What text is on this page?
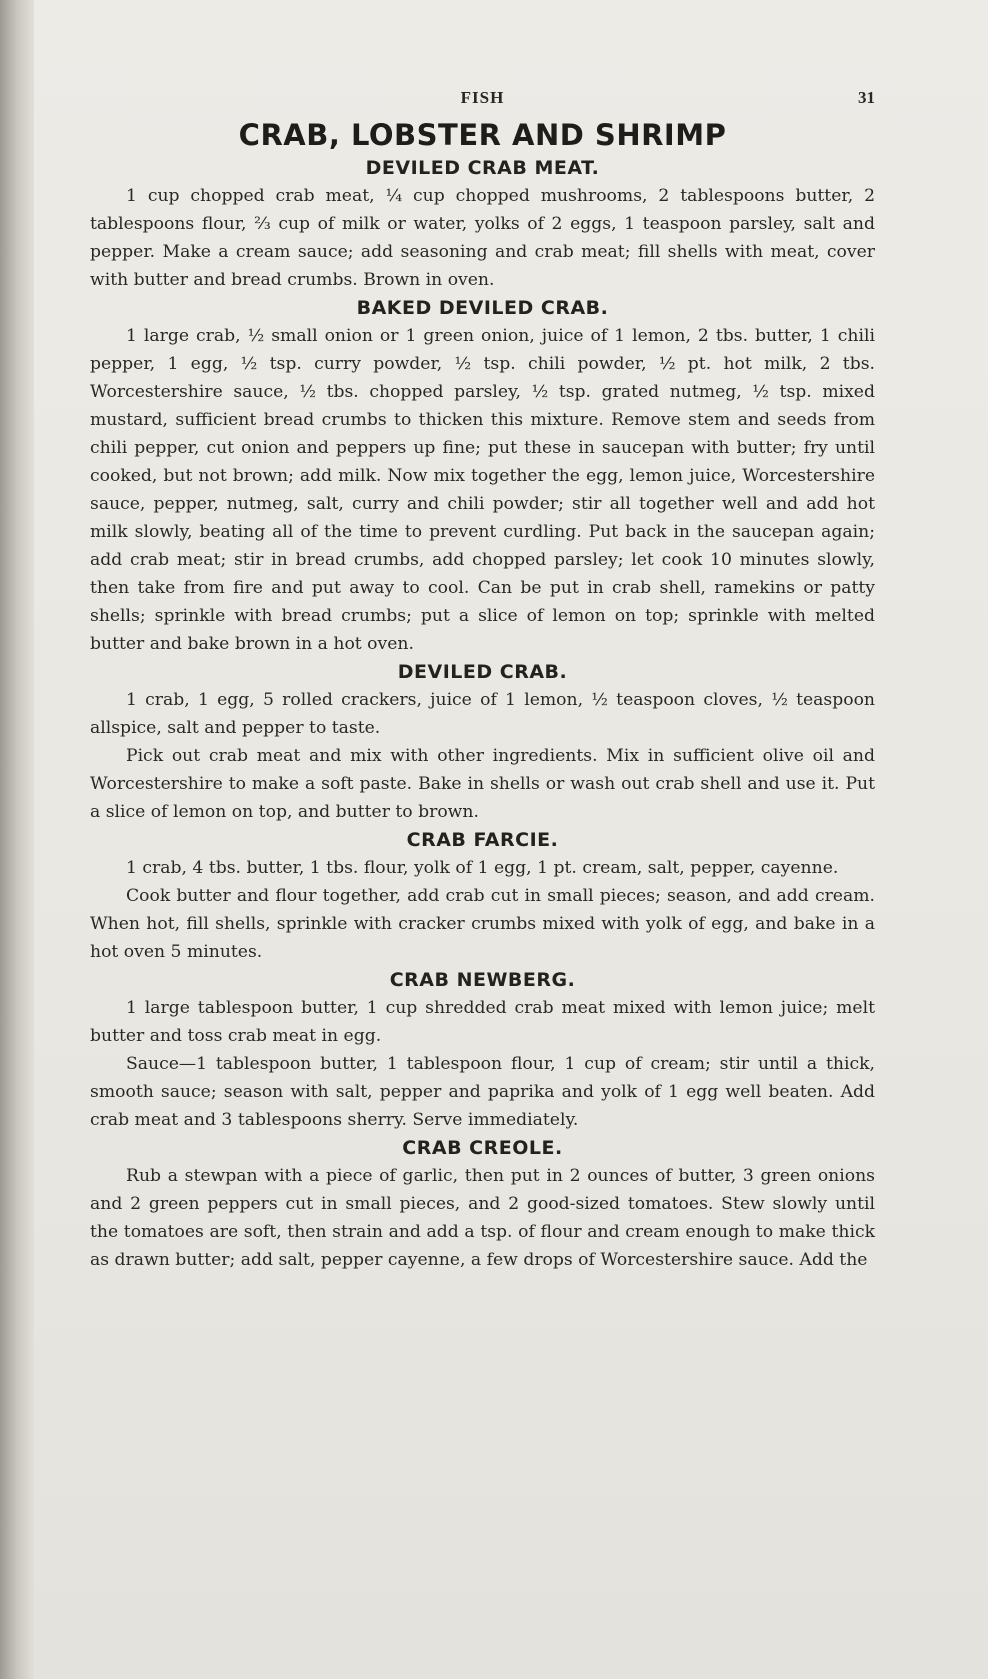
FISH	31
CRAB, LOBSTER AND SHRIMP
DEVILED CRAB MEAT.

1 cup chopped crab meat, ¼ cup chopped mushrooms, 2 tablespoons butter, 2 tablespoons flour, ⅔ cup of milk or water, yolks of 2 eggs, 1 teaspoon parsley, salt and pepper. Make a cream sauce; add seasoning and crab meat; fill shells with meat, cover with butter and bread crumbs. Brown in oven.

BAKED DEVILED CRAB.

1 large crab, ½ small onion or 1 green onion, juice of 1 lemon, 2 tbs. butter, 1 chili pepper, 1 egg, ½ tsp. curry powder, ½ tsp. chili powder, ½ pt. hot milk, 2 tbs. Worcestershire sauce, ½ tbs. chopped parsley, ½ tsp. grated nutmeg, ½ tsp. mixed mustard, sufficient bread crumbs to thicken this mixture. Remove stem and seeds from chili pepper, cut onion and peppers up fine; put these in saucepan with butter; fry until cooked, but not brown; add milk. Now mix together the egg, lemon juice, Worcestershire sauce, pepper, nutmeg, salt, curry and chili powder; stir all together well and add hot milk slowly, beating all of the time to prevent curdling. Put back in the saucepan again; add crab meat; stir in bread crumbs, add chopped parsley; let cook 10 minutes slowly, then take from fire and put away to cool. Can be put in crab shell, ramekins or patty shells; sprinkle with bread crumbs; put a slice of lemon on top; sprinkle with melted butter and bake brown in a hot oven.

DEVILED CRAB.

1 crab, 1 egg, 5 rolled crackers, juice of 1 lemon, ½ teaspoon cloves, ½ teaspoon allspice, salt and pepper to taste.

Pick out crab meat and mix with other ingredients. Mix in sufficient olive oil and Worcestershire to make a soft paste. Bake in shells or wash out crab shell and use it. Put a slice of lemon on top, and butter to brown.

CRAB FARCIE.

1 crab, 4 tbs. butter, 1 tbs. flour, yolk of 1 egg, 1 pt. cream, salt, pepper, cayenne.

Cook butter and flour together, add crab cut in small pieces; season, and add cream. When hot, fill shells, sprinkle with cracker crumbs mixed with yolk of egg, and bake in a hot oven 5 minutes.

CRAB NEWBERG.

1 large tablespoon butter, 1 cup shredded crab meat mixed with lemon juice; melt butter and toss crab meat in egg.

Sauce—1 tablespoon butter, 1 tablespoon flour, 1 cup of cream; stir until a thick, smooth sauce; season with salt, pepper and paprika and yolk of 1 egg well beaten. Add crab meat and 3 tablespoons sherry. Serve immediately.

CRAB CREOLE.

Rub a stewpan with a piece of garlic, then put in 2 ounces of butter, 3 green onions and 2 green peppers cut in small pieces, and 2 good-sized tomatoes. Stew slowly until the tomatoes are soft, then strain and add a tsp. of flour and cream enough to make thick as drawn butter; add salt, pepper cayenne, a few drops of Worcestershire sauce. Add the
